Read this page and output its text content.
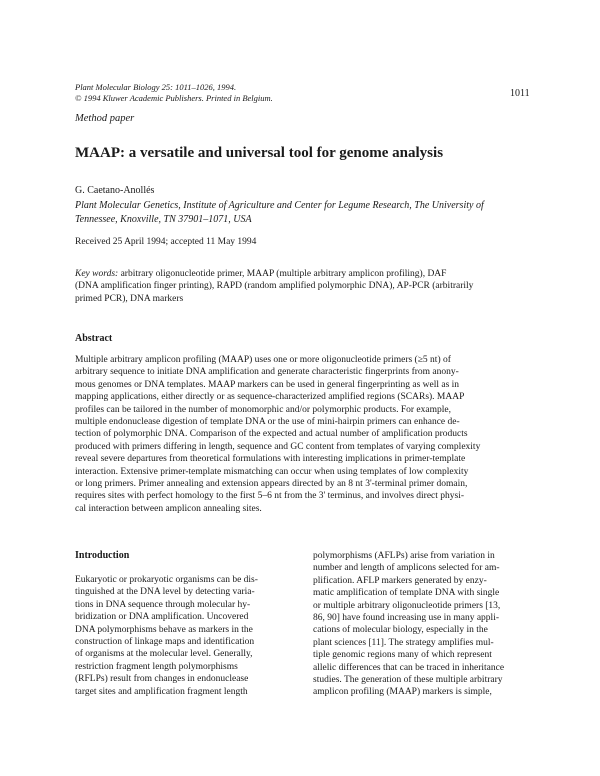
Plant Molecular Biology 25: 1011–1026, 1994.
© 1994 Kluwer Academic Publishers. Printed in Belgium.	1011
Method paper
MAAP: a versatile and universal tool for genome analysis
G. Caetano-Anollés
Plant Molecular Genetics, Institute of Agriculture and Center for Legume Research, The University of
Tennessee, Knoxville, TN 37901–1071, USA
Received 25 April 1994; accepted 11 May 1994
Key words: arbitrary oligonucleotide primer, MAAP (multiple arbitrary amplicon profiling), DAF
(DNA amplification finger printing), RAPD (random amplified polymorphic DNA), AP-PCR (arbitrarily
primed PCR), DNA markers
Abstract
Multiple arbitrary amplicon profiling (MAAP) uses one or more oligonucleotide primers (≥5 nt) of
arbitrary sequence to initiate DNA amplification and generate characteristic fingerprints from anony-
mous genomes or DNA templates. MAAP markers can be used in general fingerprinting as well as in
mapping applications, either directly or as sequence-characterized amplified regions (SCARs). MAAP
profiles can be tailored in the number of monomorphic and/or polymorphic products. For example,
multiple endonuclease digestion of template DNA or the use of mini-hairpin primers can enhance de-
tection of polymorphic DNA. Comparison of the expected and actual number of amplification products
produced with primers differing in length, sequence and GC content from templates of varying complexity
reveal severe departures from theoretical formulations with interesting implications in primer-template
interaction. Extensive primer-template mismatching can occur when using templates of low complexity
or long primers. Primer annealing and extension appears directed by an 8 nt 3'-terminal primer domain,
requires sites with perfect homology to the first 5–6 nt from the 3' terminus, and involves direct physi-
cal interaction between amplicon annealing sites.
Introduction
Eukaryotic or prokaryotic organisms can be dis-
tinguished at the DNA level by detecting varia-
tions in DNA sequence through molecular hy-
bridization or DNA amplification. Uncovered
DNA polymorphisms behave as markers in the
construction of linkage maps and identification
of organisms at the molecular level. Generally,
restriction fragment length polymorphisms
(RFLPs) result from changes in endonuclease
target sites and amplification fragment length
polymorphisms (AFLPs) arise from variation in
number and length of amplicons selected for am-
plification. AFLP markers generated by enzy-
matic amplification of template DNA with single
or multiple arbitrary oligonucleotide primers [13,
86, 90] have found increasing use in many appli-
cations of molecular biology, especially in the
plant sciences [11]. The strategy amplifies mul-
tiple genomic regions many of which represent
allelic differences that can be traced in inheritance
studies. The generation of these multiple arbitrary
amplicon profiling (MAAP) markers is simple,
